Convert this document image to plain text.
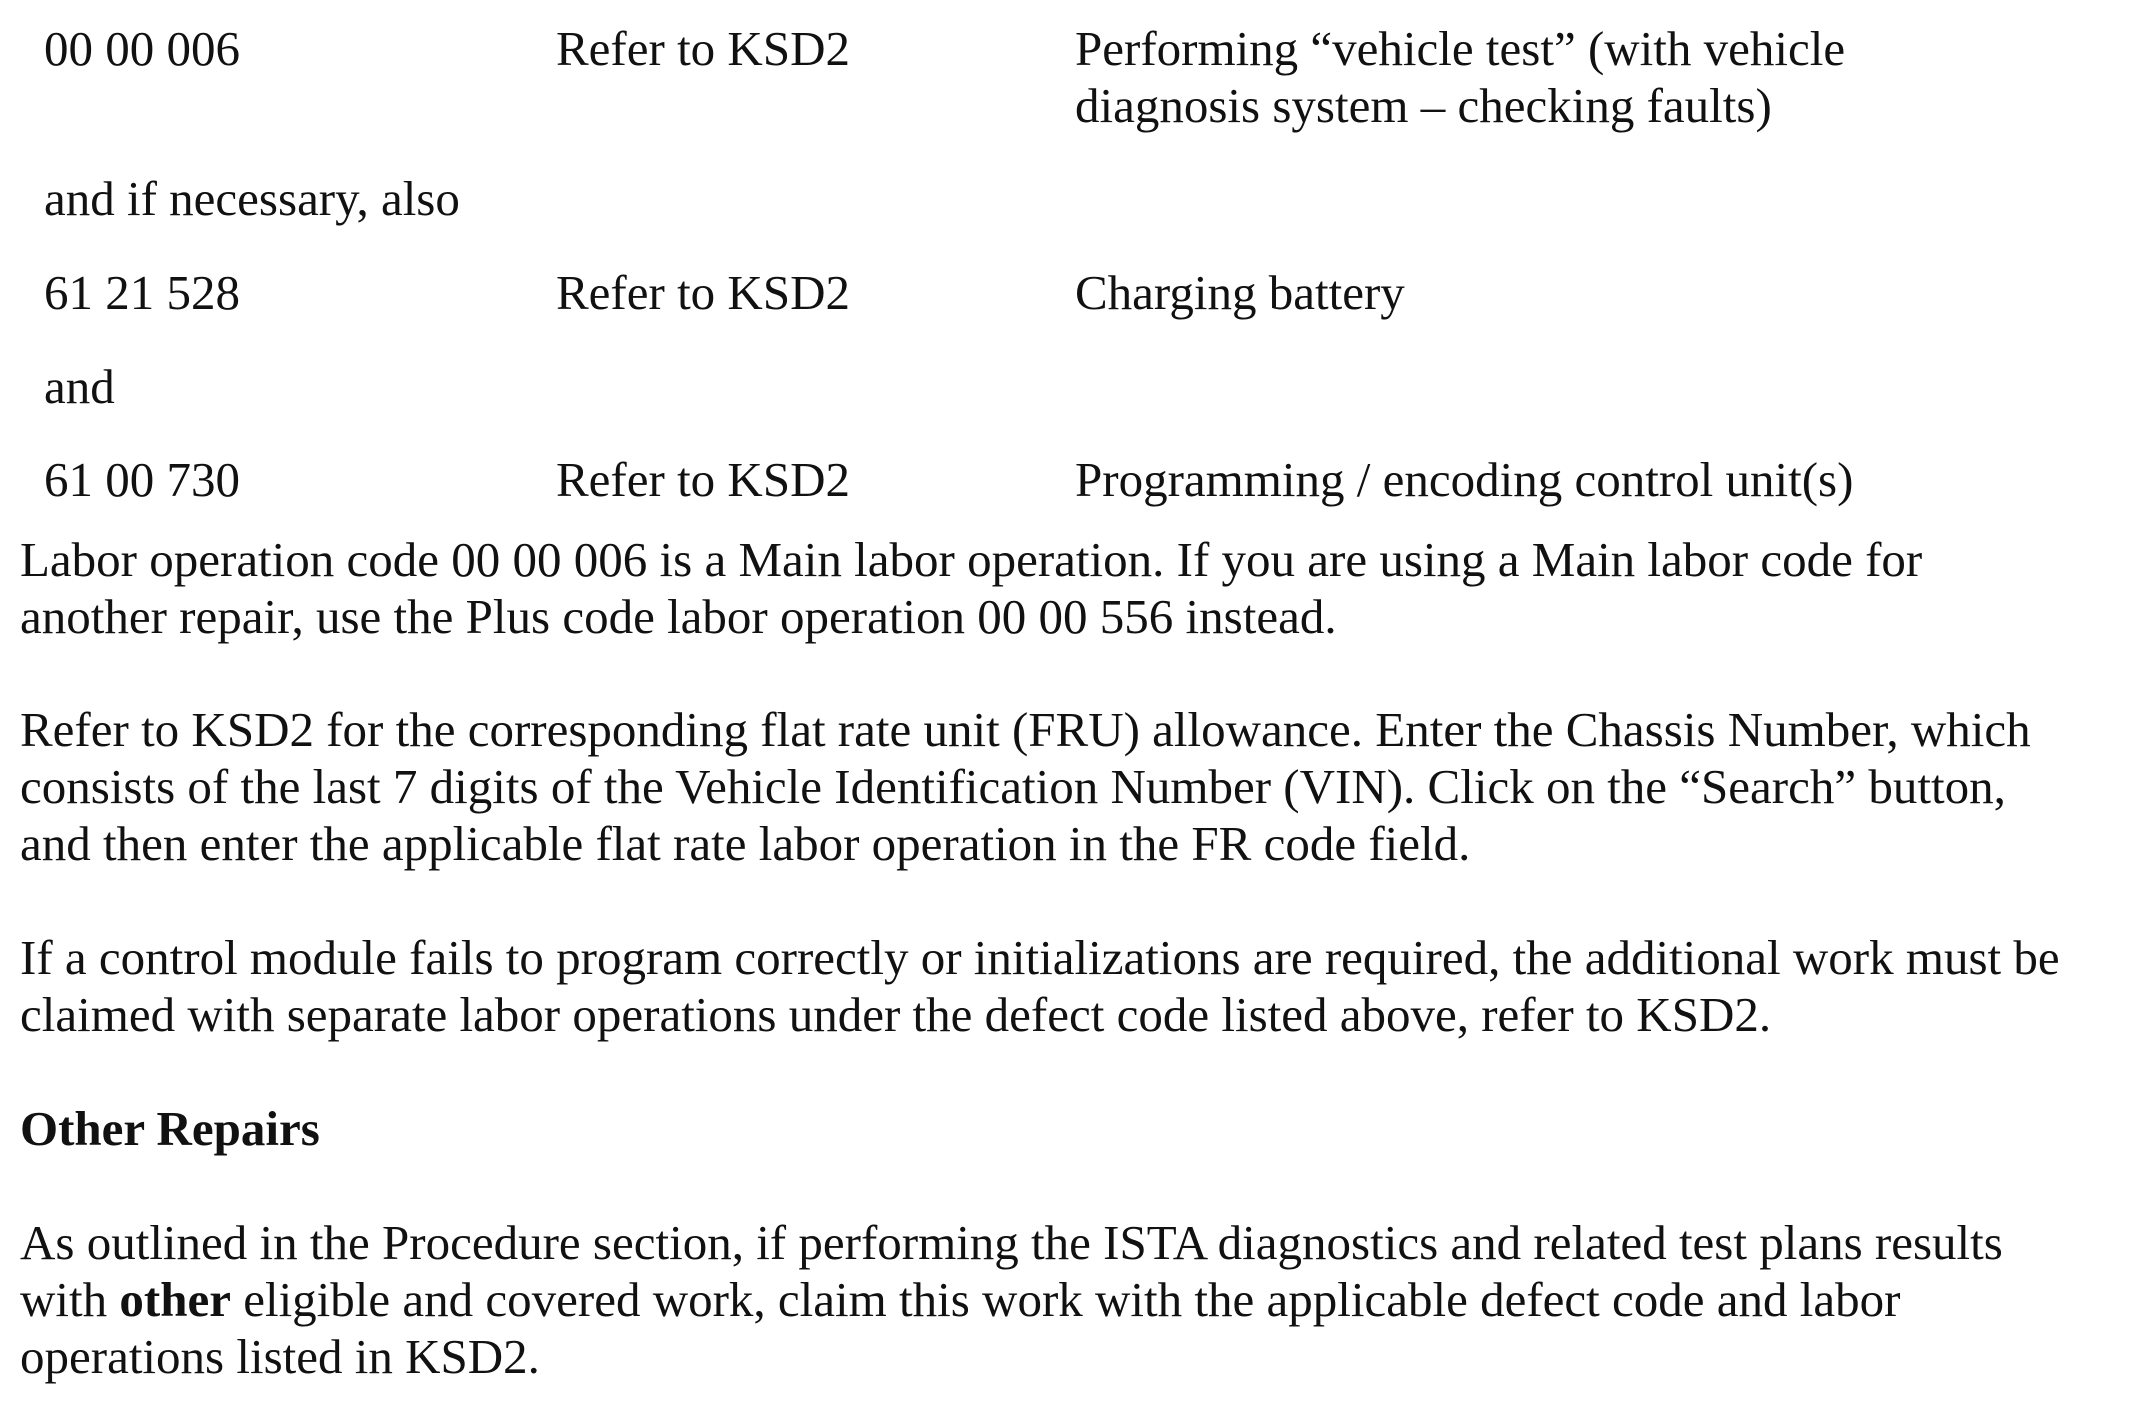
00 00 006	Refer to KSD2	Performing “vehicle test” (with vehicle
diagnosis system – checking faults)
and if necessary, also
61 21 528	Refer to KSD2	Charging battery
and
61 00 730	Refer to KSD2	Programming / encoding control unit(s)
Labor operation code 00 00 006 is a Main labor operation. If you are using a Main labor code for
another repair, use the Plus code labor operation 00 00 556 instead.
Refer to KSD2 for the corresponding flat rate unit (FRU) allowance. Enter the Chassis Number, which
consists of the last 7 digits of the Vehicle Identification Number (VIN). Click on the “Search” button,
and then enter the applicable flat rate labor operation in the FR code field.
If a control module fails to program correctly or initializations are required, the additional work must be
claimed with separate labor operations under the defect code listed above, refer to KSD2.
Other Repairs
As outlined in the Procedure section, if performing the ISTA diagnostics and related test plans results
with other eligible and covered work, claim this work with the applicable defect code and labor
operations listed in KSD2.
